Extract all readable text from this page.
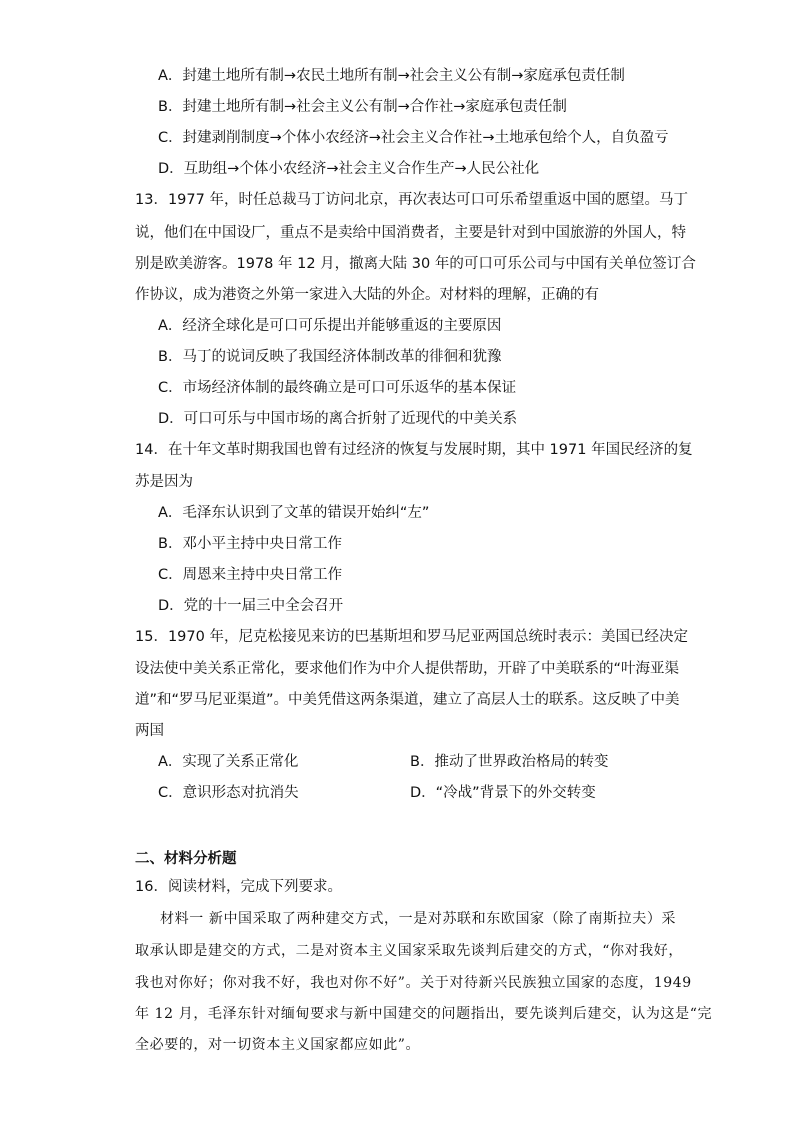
A．封建土地所有制→农民土地所有制→社会主义公有制→家庭承包责任制
B．封建土地所有制→社会主义公有制→合作社→家庭承包责任制
C．封建剥削制度→个体小农经济→社会主义合作社→土地承包给个人，自负盈亏
D．互助组→个体小农经济→社会主义合作生产→人民公社化
13．1977 年，时任总裁马丁访问北京，再次表达可口可乐希望重返中国的愿望。马丁
说，他们在中国设厂，重点不是卖给中国消费者，主要是针对到中国旅游的外国人，特
别是欧美游客。1978 年 12 月，撤离大陆 30 年的可口可乐公司与中国有关单位签订合
作协议，成为港资之外第一家进入大陆的外企。对材料的理解，正确的有
A．经济全球化是可口可乐提出并能够重返的主要原因
B．马丁的说词反映了我国经济体制改革的徘徊和犹豫
C．市场经济体制的最终确立是可口可乐返华的基本保证
D．可口可乐与中国市场的离合折射了近现代的中美关系
14．在十年文革时期我国也曾有过经济的恢复与发展时期，其中 1971 年国民经济的复
苏是因为
A．毛泽东认识到了文革的错误开始纠“左”
B．邓小平主持中央日常工作
C．周恩来主持中央日常工作
D．党的十一届三中全会召开
15．1970 年，尼克松接见来访的巴基斯坦和罗马尼亚两国总统时表示：美国已经决定
设法使中美关系正常化，要求他们作为中介人提供帮助，开辟了中美联系的“叶海亚渠
道”和“罗马尼亚渠道”。中美凭借这两条渠道，建立了高层人士的联系。这反映了中美
两国
A．实现了关系正常化	B．推动了世界政治格局的转变
C．意识形态对抗消失	D．“冷战”背景下的外交转变
二、材料分析题
16．阅读材料，完成下列要求。
材料一 新中国采取了两种建交方式，一是对苏联和东欧国家（除了南斯拉夫）采
取承认即是建交的方式，二是对资本主义国家采取先谈判后建交的方式，“你对我好，
我也对你好；你对我不好，我也对你不好”。关于对待新兴民族独立国家的态度，1949
年 12 月，毛泽东针对缅甸要求与新中国建交的问题指出，要先谈判后建交，认为这是“完
全必要的，对一切资本主义国家都应如此”。
